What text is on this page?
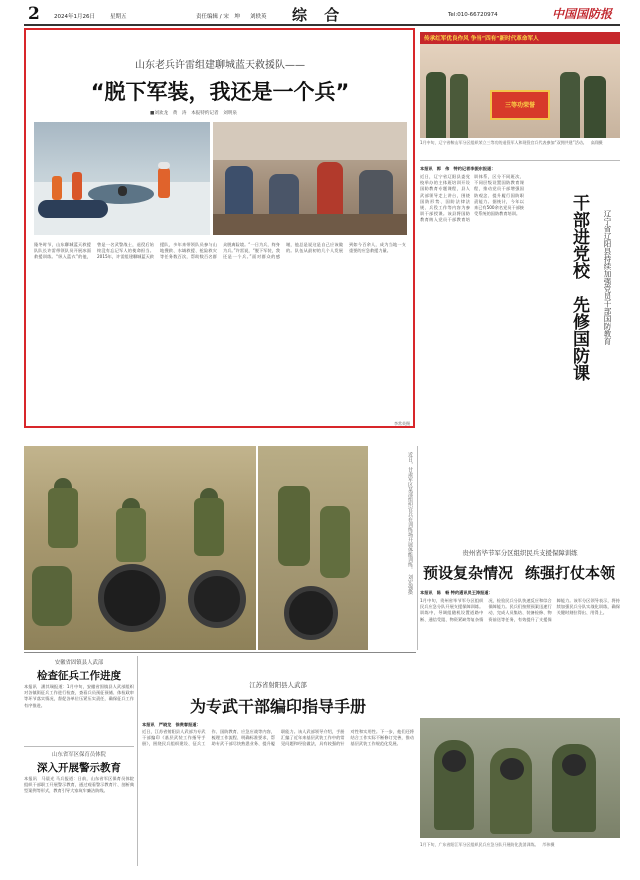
2	2024年1月26日	星期五	责任编辑 / 宋　坤 刘轶英 综 合	Tel:010-66720974	中国国防报
山东老兵许雷组建聊城蓝天救援队——
“脱下军装，我还是一个兵”
■刘欢龙　黄　涛　本报特约记者　刘明泉
隆冬时节，山东聊城蓝天救援队队长许雷带领队员开展冰面救援训练。“纵入蓝衣”的他，曾是一名武警战士，退役后始终没有忘记军人的使命担当。2015年，许雷组建聊城蓝天救援队，多年来带领队员参与山地搜救、水域救援、抢险救灾等任务数百次，帮助数百名群众脱离险境。“一日为兵，终身为兵。”许雷说，“脱下军装，我还是一个兵。”面对群众的感谢，他总是说这是自己应该做的。队伍从最初的几个人发展到如今百余人，成为当地一支重要的应急救援力量。
传承红军优良作风 争当“四有”新时代革命军人
三等功荣誉
1月中旬，辽宁省鞍山军分区组织荣立三等功的退役军人和现役官兵代表参加“双拥共建”活动。　高翔摄
本报讯　郭　伟　特约记者李振东报道：
近日，辽宁省辽阳县委党校举办的主体班培训开设国防教育专题课程，县人武部领导走上讲台，围绕国防形势、国防法律法规、兵役工作等内容为参训干部授课。该县将国防教育纳入党员干部教育培训体系，区分不同班次、不同层级设置国防教育课程，推动党员干部增强国防观念、提升履行国防职责能力。据统计，今年以来已有500余名党员干部接受系统的国防教育培训。	干部进党校　先修国防课 辽宁省辽阳县持续加强党员干部国防教育
李常英摄
近日，甘肃军区某部组织官兵在训练场开展体能训练。　刘宏强摄	贵州省毕节军分区组织民兵支援保障训练
预设复杂情况 练强打仗本领
本报讯　陈　畅 特约通讯员王涛报道：
1月中旬，贵州省毕节军分区组织民兵应急分队开展支援保障训练。训练中，导调组随机设置道路中断、通信受阻、物资紧缺等复杂情况，检验民兵分队快速反应和综合保障能力。民兵们按照预案迅速行动，完成人员集结、装备检修、物资前送等任务，有效提升了支援保障能力。该军分区领导表示，将持续加强民兵分队实战化训练，确保关键时刻拉得出、用得上。
1月下旬，广东省阳江军分区组织民兵应急分队开展防化洗消训练。　邝伟摄
安徽省固镇县人武部
检查征兵工作进度
本报讯　潘其瑞报道：1月中旬，安徽省固镇县人武部组织对各镇街征兵工作进行检查，查看兵员预征预储、体检政审等环节落实情况，督促各单位压紧压实责任，确保征兵工作有序推进。
山东省军区保育员体院
深入开展警示教育
本报讯　马晨光 马兵报道：日前，山东省军区保育员体院组织干部职工开展警示教育，通过观看警示教育片、剖析典型案例等形式，教育引导大家筑牢廉洁防线。
江苏省射阳县人武部
为专武干部编印指导手册
本报讯　严晓龙　徐贵春报道：
近日，江苏省射阳县人武部为专武干部编印《基层武装工作指导手册》，围绕民兵组织建设、征兵工作、国防教育、应急应战等内容，梳理工作流程、明确标准要求，帮助专武干部尽快熟悉业务、提升履职能力。该人武部领导介绍，手册汇编了近年来基层武装工作中的常见问题和经验做法，具有较强的针对性和实用性。下一步，他们还将结合工作实际不断修订完善，推动基层武装工作规范化发展。
